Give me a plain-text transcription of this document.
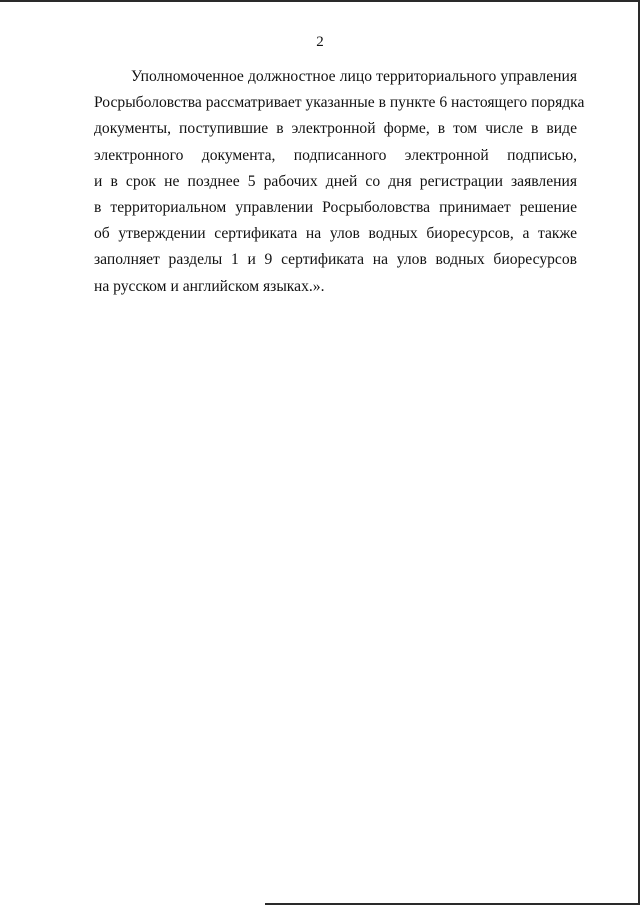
2
Уполномоченное должностное лицо территориального управления
Росрыболовства рассматривает указанные в пункте 6 настоящего порядка
документы, поступившие в электронной форме, в том числе в виде
электронного документа, подписанного электронной подписью,
и в срок не позднее 5 рабочих дней со дня регистрации заявления
в территориальном управлении Росрыболовства принимает решение
об утверждении сертификата на улов водных биоресурсов, а также
заполняет разделы 1 и 9 сертификата на улов водных биоресурсов
на русском и английском языках.».
